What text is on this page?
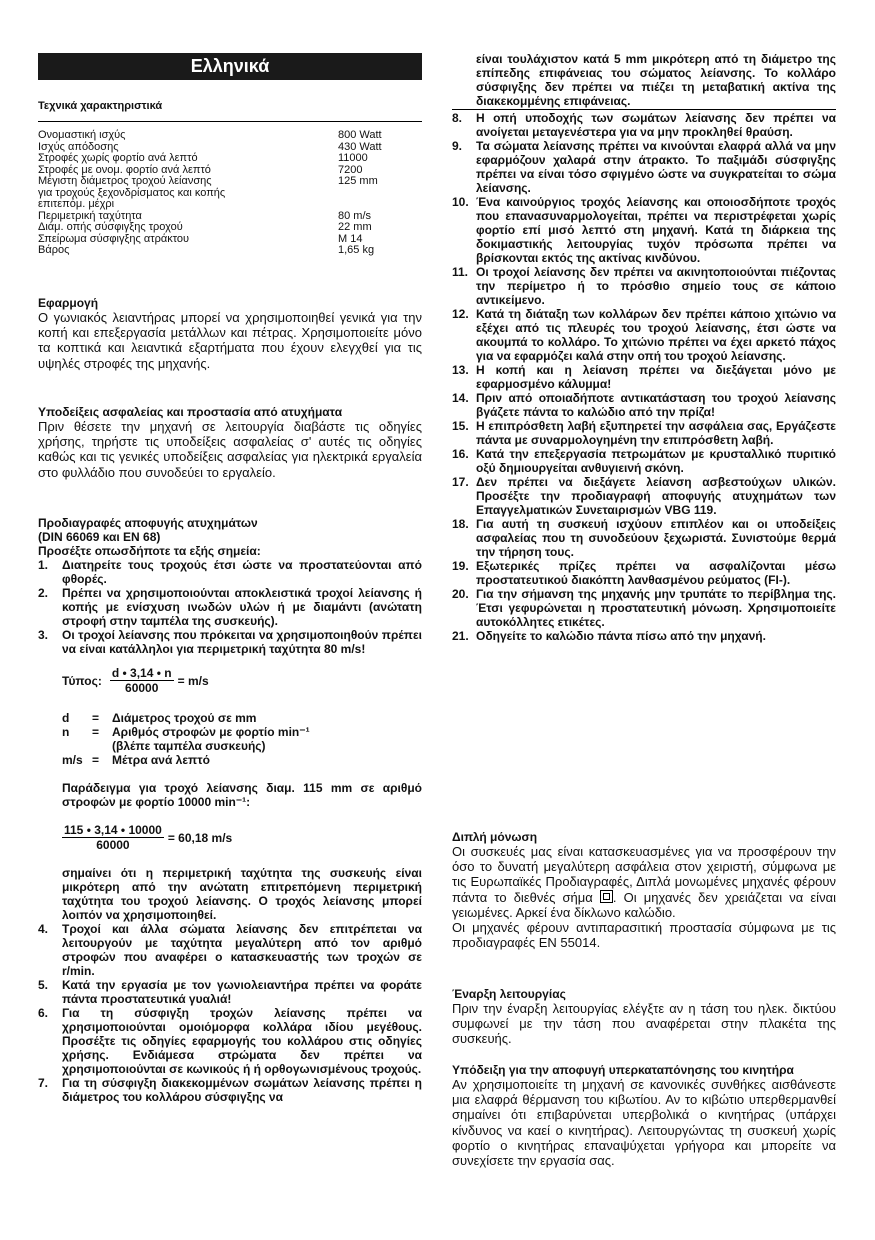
Ελληνικά
Τεχνικά χαρακτηριστικά
Ονομαστική ισχύς	800 Watt
Ισχύς απόδοσης	430 Watt
Στροφές χωρίς φορτίο ανά λεπτό	11000
Στροφές με ονομ. φορτίο ανά λεπτό	7200
Μέγιστη διάμετρος τροχού λείανσης	125 mm
για τροχούς ξεχονδρίσματος και κοπής
επιτεπόμ. μέχρι
Περιμετρική ταχύτητα	80 m/s
Διάμ. οπής σύσφιγξης τροχού	22 mm
Σπείρωμα σύσφιγξης ατράκτου	M 14
Βάρος	1,65 kg
Εφαρμογή
Ο γωνιακός λειαντήρας μπορεί να χρησιμοποιηθεί γενικά για την κοπή και επεξεργασία μετάλλων και πέτρας. Χρησιμοποιείτε μόνο τα κοπτικά και λειαντικά εξαρτήματα που έχουν ελεγχθεί για τις υψηλές στροφές της μηχανής.
Υποδείξεις ασφαλείας και προστασία από ατυχήματα
Πριν θέσετε την μηχανή σε λειτουργία διαβάστε τις οδηγίες χρήσης, τηρήστε τις υποδείξεις ασφαλείας σ' αυτές τις οδηγίες καθώς και τις γενικές υποδείξεις ασφαλείας για ηλεκτρικά εργαλεία στο φυλλάδιο που συνοδεύει το εργαλείο.
Προδιαγραφές αποφυγής ατυχημάτων
(DIN 66069 και EN 68)
Προσέξτε οπωσδήποτε τα εξής σημεία:
1.	Διατηρείτε τους τροχούς έτσι ώστε να προστατεύονται από φθορές.
2.	Πρέπει να χρησιμοποιούνται αποκλειστικά τροχοί λείανσης ή κοπής με ενίσχυση ινωδών υλών ή με διαμάντι (ανώτατη στροφή στην ταμπέλα της συσκευής).
3.	Οι τροχοί λείανσης που πρόκειται να χρησιμοποιηθούν πρέπει να είναι κατάλληλοι για περιμετρική ταχύτητα 80 m/s!
Τύπος: $\frac{d • 3,14 • n}{60000} = m/s$
d	=	Διάμετρος τροχού σε mm
n	=	Αριθμός στροφών με φορτίο min⁻¹
(βλέπε ταμπέλα συσκευής)
m/s =	Μέτρα ανά λεπτό
Παράδειγμα για τροχό λείανσης διαμ. 115 mm σε αριθμό στροφών με φορτίο 10000 min⁻¹:
$\frac{115 • 3,14 • 10000}{60000} = 60,18$ m/s
σημαίνει ότι η περιμετρική ταχύτητα της συσκευής είναι μικρότερη από την ανώτατη επιτρεπόμενη περιμετρική ταχύτητα του τροχού λείανσης. Ο τροχός λείανσης μπορεί λοιπόν να χρησιμοποιηθεί.
4.	Τροχοί και άλλα σώματα λείανσης δεν επιτρέπεται να λειτουργούν με ταχύτητα μεγαλύτερη από τον αριθμό στροφών που αναφέρει ο κατασκευαστής των τροχών σε r/min.
5.	Κατά την εργασία με τον γωνιολειαντήρα πρέπει να φοράτε πάντα προστατευτικά γυαλιά!
6.	Για τη σύσφιγξη τροχών λείανσης πρέπει να χρησιμοποιούνται ομοιόμορφα κολλάρα ιδίου μεγέθους. Προσέξτε τις οδηγίες εφαρμογής του κολλάρου στις οδηγίες χρήσης. Ενδιάμεσα στρώματα δεν πρέπει να χρησιμοποιούνται σε κωνικούς ή ή ορθογωνισμένους τροχούς.
7.	Για τη σύσφιγξη διακεκομμένων σωμάτων λείανσης πρέπει η διάμετρος του κολλάρου σύσφιγξης να
είναι τουλάχιστον κατά 5 mm μικρότερη από τη διάμετρο της επίπεδης επιφάνειας του σώματος λείανσης. Το κολλάρο σύσφιγξης δεν πρέπει να πιέζει τη μεταβατική ακτίνα της διακεκομμένης επιφάνειας.
8.	Η οπή υποδοχής των σωμάτων λείανσης δεν πρέπει να ανοίγεται μεταγενέστερα για να μην προκληθεί θραύση.
9.	Τα σώματα λείανσης πρέπει να κινούνται ελαφρά αλλά να μην εφαρμόζουν χαλαρά στην άτρακτο. Το παξιμάδι σύσφιγξης πρέπει να είναι τόσο σφιγμένο ώστε να συγκρατείται το σώμα λείανσης.
10. Ένα καινούργιος τροχός λείανσης και οποιοσδήποτε τροχός που επανασυναρμολογείται, πρέπει να περιστρέφεται χωρίς φορτίο επί μισό λεπτό στη μηχανή. Κατά τη διάρκεια της δοκιμαστικής λειτουργίας τυχόν πρόσωπα πρέπει να βρίσκονται εκτός της ακτίνας κινδύνου.
11. Οι τροχοί λείανσης δεν πρέπει να ακινητοποιούνται πιέζοντας την περίμετρο ή το πρόσθιο σημείο τους σε κάποιο αντικείμενο.
12. Κατά τη διάταξη των κολλάρων δεν πρέπει κάποιο χιτώνιο να εξέχει από τις πλευρές του τροχού λείανσης, έτσι ώστε να ακουμπά το κολλάρο. Το χιτώνιο πρέπει να έχει αρκετό πάχος για να εφαρμόζει καλά στην οπή του τροχού λείανσης.
13. Η κοπή και η λείανση πρέπει να διεξάγεται μόνο με εφαρμοσμένο κάλυμμα!
14. Πριν από οποιαδήποτε αντικατάσταση του τροχού λείανσης βγάζετε πάντα το καλώδιο από την πρίζα!
15. Η επιπρόσθετη λαβή εξυπηρετεί την ασφάλεια σας, Εργάζεστε πάντα με συναρμολογημένη την επιπρόσθετη λαβή.
16. Κατά την επεξεργασία πετρωμάτων με κρυσταλλικό πυριτικό οξύ δημιουργείται ανθυγιεινή σκόνη.
17. Δεν πρέπει να διεξάγετε λείανση ασβεστούχων υλικών. Προσέξτε την προδιαγραφή αποφυγής ατυχημάτων των Επαγγελματικών Συνεταιρισμών VBG 119.
18. Για αυτή τη συσκευή ισχύουν επιπλέον και οι υποδείξεις ασφαλείας που τη συνοδεύουν ξεχωριστά. Συνιστούμε θερμά την τήρηση τους.
19. Εξωτερικές πρίζες πρέπει να ασφαλίζονται μέσω προστατευτικού διακόπτη λανθασμένου ρεύματος (FI-).
20. Για την σήμανση της μηχανής μην τρυπάτε το περίβλημα της. Έτσι γεφυρώνεται η προστατευτική μόνωση. Χρησιμοποιείτε αυτοκόλλητες ετικέτες.
21. Οδηγείτε το καλώδιο πάντα πίσω από την μηχανή.
Διπλή μόνωση
Οι συσκευές μας είναι κατασκευασμένες για να προσφέρουν την όσο το δυνατή μεγαλύτερη ασφάλεια στον χειριστή, σύμφωνα με τις Ευρωπαϊκές Προδιαγραφές, Διπλά μονωμένες μηχανές φέρουν πάντα το διεθνές σήμα . Οι μηχανές δεν χρειάζεται να είναι γειωμένες. Αρκεί ένα δίκλωνο καλώδιο.
Οι μηχανές φέρουν αντιπαρασιτική προστασία σύμφωνα με τις προδιαγραφές EN 55014.
Έναρξη λειτουργίας
Πριν την έναρξη λειτουργίας ελέγξτε αν η τάση του ηλεκ. δικτύου συμφωνεί με την τάση που αναφέρεται στην πλακέτα της συσκευής.
Υπόδειξη για την αποφυγή υπερκαταπόνησης του κινητήρα
Αν χρησιμοποιείτε τη μηχανή σε κανονικές συνθήκες αισθάνεστε μια ελαφρά θέρμανση του κιβωτίου. Αν το κιβώτιο υπερθερμανθεί σημαίνει ότι επιβαρύνεται υπερβολικά ο κινητήρας (υπάρχει κίνδυνος να καεί ο κινητήρας). Λειτουργώντας τη συσκευή χωρίς φορτίο ο κινητήρας επαναψύχεται γρήγορα και μπορείτε να συνεχίσετε την εργασία σας.
